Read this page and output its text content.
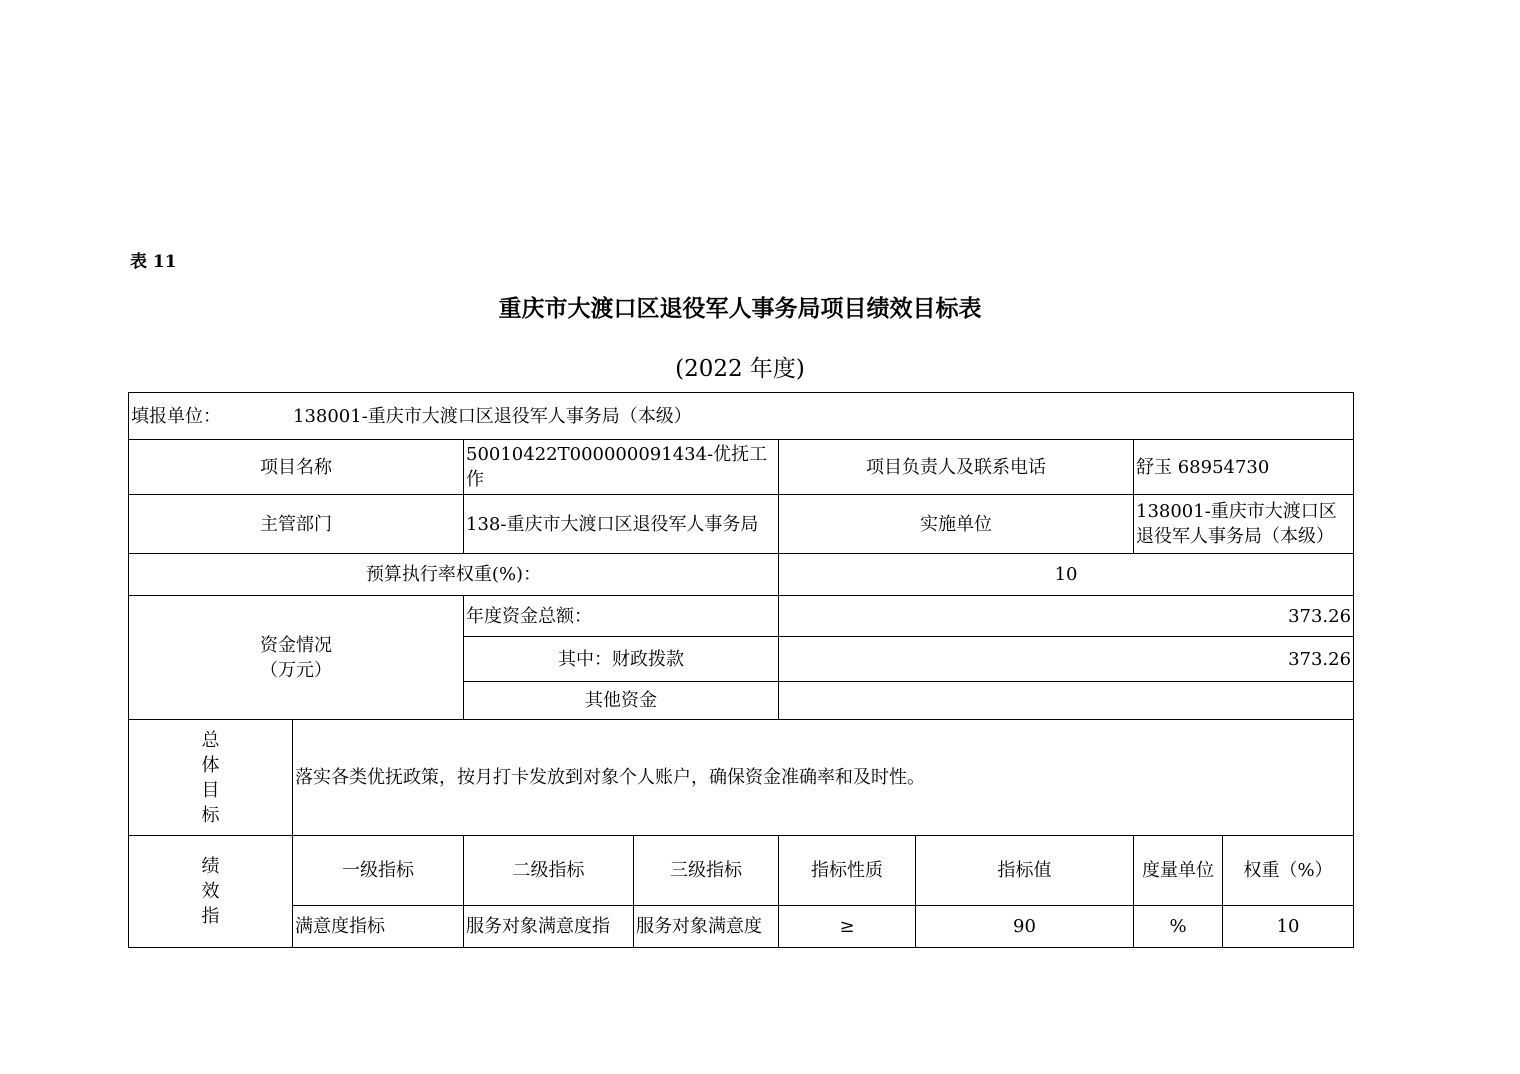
表 11
重庆市大渡口区退役军人事务局项目绩效目标表
(2022 年度)
填报单位： 138001-重庆市大渡口区退役军人事务局（本级）							
项目名称		50010422T000000091434-优抚工作		项目负责人及联系电话		舒玉 68954730	
主管部门		138-重庆市大渡口区退役军人事务局		实施单位		138001-重庆市大渡口区退役军人事务局（本级）	
预算执行率权重(%)：				10			

资金情况
（万元）		年度资金总额：		373.26			
		其中：财政拨款		373.26			
		其他资金					

总
体
目
标	落实各类优抚政策，按月打卡发放到对象个人账户，确保资金准确率和及时性。						

绩
效
指	一级指标	二级指标	三级指标	指标性质	指标值	度量单位	权重（%）
	满意度指标	服务对象满意度指	服务对象满意度	≥	90	%	10
